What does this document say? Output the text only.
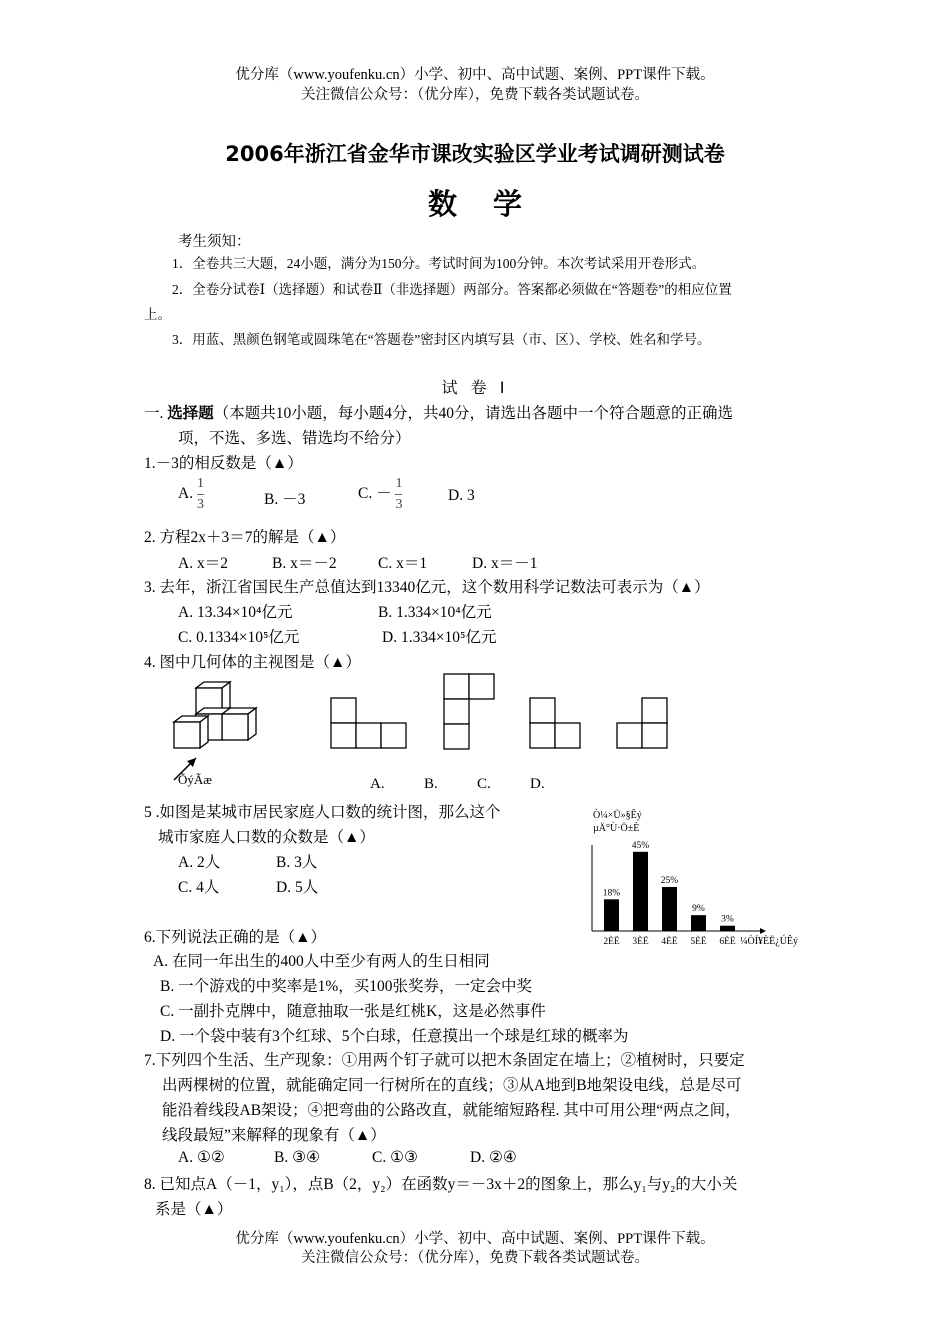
优分库（www.youfenku.cn）小学、初中、高中试题、案例、PPT课件下载。
关注微信公众号：（优分库），免费下载各类试题试卷。
2006年浙江省金华市课改实验区学业考试调研测试卷
数学
考生须知：
1．全卷共三大题，24小题，满分为150分。考试时间为100分钟。本次考试采用开卷形式。
2．全卷分试卷Ⅰ（选择题）和试卷Ⅱ（非选择题）两部分。答案都必须做在“答题卷”的相应位置
上。
3．用蓝、黑颜色钢笔或圆珠笔在“答题卷”密封区内填写县（市、区）、学校、姓名和学号。
试 卷 Ⅰ
一. 选择题（本题共10小题，每小题4分，共40分，请选出各题中一个符合题意的正确选
项，不选、多选、错选均不给分）
1.－3的相反数是（▲）
A. $\frac{1}{3}$	B. －3	C. － $\frac{1}{3}$	D. 3
2. 方程2x＋3＝7的解是（▲）
A. x＝2	B. x＝－2	C. x＝1	D. x＝－1
3. 去年，浙江省国民生产总值达到13340亿元，这个数用科学记数法可表示为（▲）
A. 13.34×10⁴亿元	B. 1.334×10⁴亿元
C. 0.1334×10⁵亿元	D. 1.334×10⁵亿元
4. 图中几何体的主视图是（▲）
ÕýÃæ	A.	B.	C.	D.
5 .如图是某城市居民家庭人口数的统计图，那么这个
城市家庭人口数的众数是（▲）
A. 2人	B. 3人
C. 4人	D. 5人
Ò¼×Ü»§Êý
µÄ°Ù·Ö±È
¼ÒÍ¥ÈË¿ÚÊý
18%
2ÈË
45%
3ÈË
25%
4ÈË
9%
5ÈË
3%
6ÈË
6.下列说法正确的是（▲）
A. 在同一年出生的400人中至少有两人的生日相同
B. 一个游戏的中奖率是1%，买100张奖券，一定会中奖
C. 一副扑克牌中，随意抽取一张是红桃K，这是必然事件
D. 一个袋中装有3个红球、5个白球，任意摸出一个球是红球的概率为
7.下列四个生活、生产现象：①用两个钉子就可以把木条固定在墙上；②植树时，只要定
出两棵树的位置，就能确定同一行树所在的直线；③从A地到B地架设电线，总是尽可
能沿着线段AB架设；④把弯曲的公路改直，就能缩短路程. 其中可用公理“两点之间，
线段最短”来解释的现象有（▲）
A. ①②	B. ③④	C. ①③	D. ②④
8. 已知点A（－1，y₁），点B（2，y₂）在函数y＝－3x＋2的图象上，那么y₁与y₂的大小关
系是（▲）
优分库（www.youfenku.cn）小学、初中、高中试题、案例、PPT课件下载。
关注微信公众号：（优分库），免费下载各类试题试卷。
